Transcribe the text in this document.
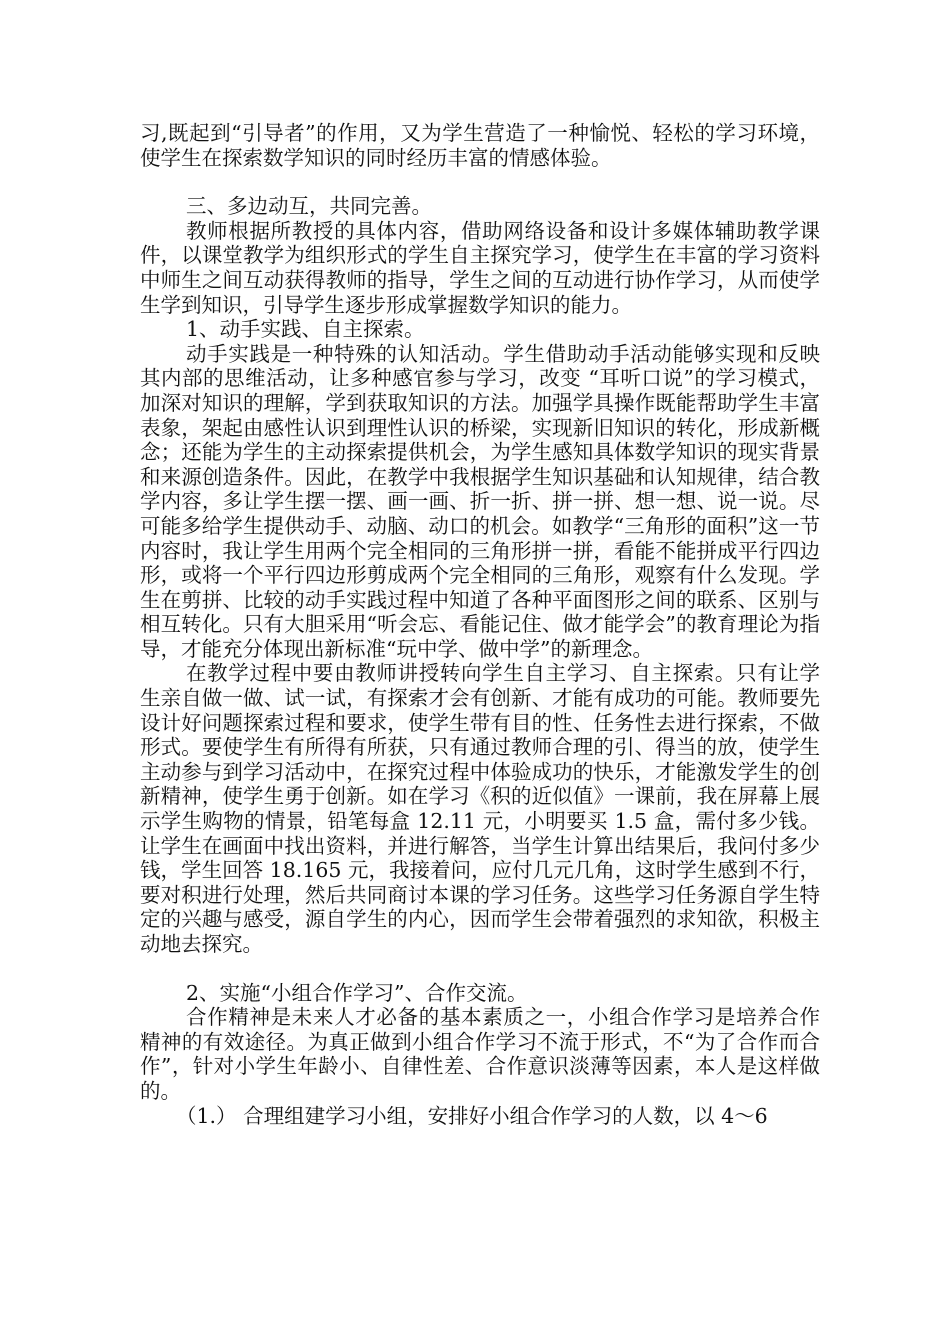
习,既起到“引导者”的作用，又为学生营造了一种愉悦、轻松的学习环境，使学生在探索数学知识的同时经历丰富的情感体验。

三、多边动互，共同完善。

教师根据所教授的具体内容，借助网络设备和设计多媒体辅助教学课件，以课堂教学为组织形式的学生自主探究学习，使学生在丰富的学习资料中师生之间互动获得教师的指导，学生之间的互动进行协作学习，从而使学生学到知识，引导学生逐步形成掌握数学知识的能力。

1、动手实践、自主探索。

动手实践是一种特殊的认知活动。学生借助动手活动能够实现和反映其内部的思维活动，让多种感官参与学习，改变 “耳听口说”的学习模式，加深对知识的理解，学到获取知识的方法。加强学具操作既能帮助学生丰富表象，架起由感性认识到理性认识的桥梁，实现新旧知识的转化，形成新概念；还能为学生的主动探索提供机会，为学生感知具体数学知识的现实背景和来源创造条件。因此，在教学中我根据学生知识基础和认知规律，结合教学内容，多让学生摆一摆、画一画、折一折、拼一拼、想一想、说一说。尽可能多给学生提供动手、动脑、动口的机会。如教学“三角形的面积”这一节内容时，我让学生用两个完全相同的三角形拼一拼，看能不能拼成平行四边形，或将一个平行四边形剪成两个完全相同的三角形，观察有什么发现。学生在剪拼、比较的动手实践过程中知道了各种平面图形之间的联系、区别与相互转化。只有大胆采用“听会忘、看能记住、做才能学会”的教育理论为指导，才能充分体现出新标准“玩中学、做中学”的新理念。

在教学过程中要由教师讲授转向学生自主学习、自主探索。只有让学生亲自做一做、试一试，有探索才会有创新、才能有成功的可能。教师要先设计好问题探索过程和要求，使学生带有目的性、任务性去进行探索，不做形式。要使学生有所得有所获，只有通过教师合理的引、得当的放，使学生主动参与到学习活动中，在探究过程中体验成功的快乐，才能激发学生的创新精神，使学生勇于创新。如在学习《积的近似值》一课前，我在屏幕上展示学生购物的情景，铅笔每盒 12.11 元，小明要买 1.5 盒，需付多少钱。让学生在画面中找出资料，并进行解答，当学生计算出结果后，我问付多少钱，学生回答 18.165 元，我接着问，应付几元几角，这时学生感到不行，要对积进行处理，然后共同商讨本课的学习任务。这些学习任务源自学生特定的兴趣与感受，源自学生的内心，因而学生会带着强烈的求知欲，积极主动地去探究。

2、实施“小组合作学习”、合作交流。

合作精神是未来人才必备的基本素质之一，小组合作学习是培养合作精神的有效途径。为真正做到小组合作学习不流于形式，不“为了合作而合作”，针对小学生年龄小、自律性差、合作意识淡薄等因素，本人是这样做的。

（1.） 合理组建学习小组，安排好小组合作学习的人数，以 4～6
